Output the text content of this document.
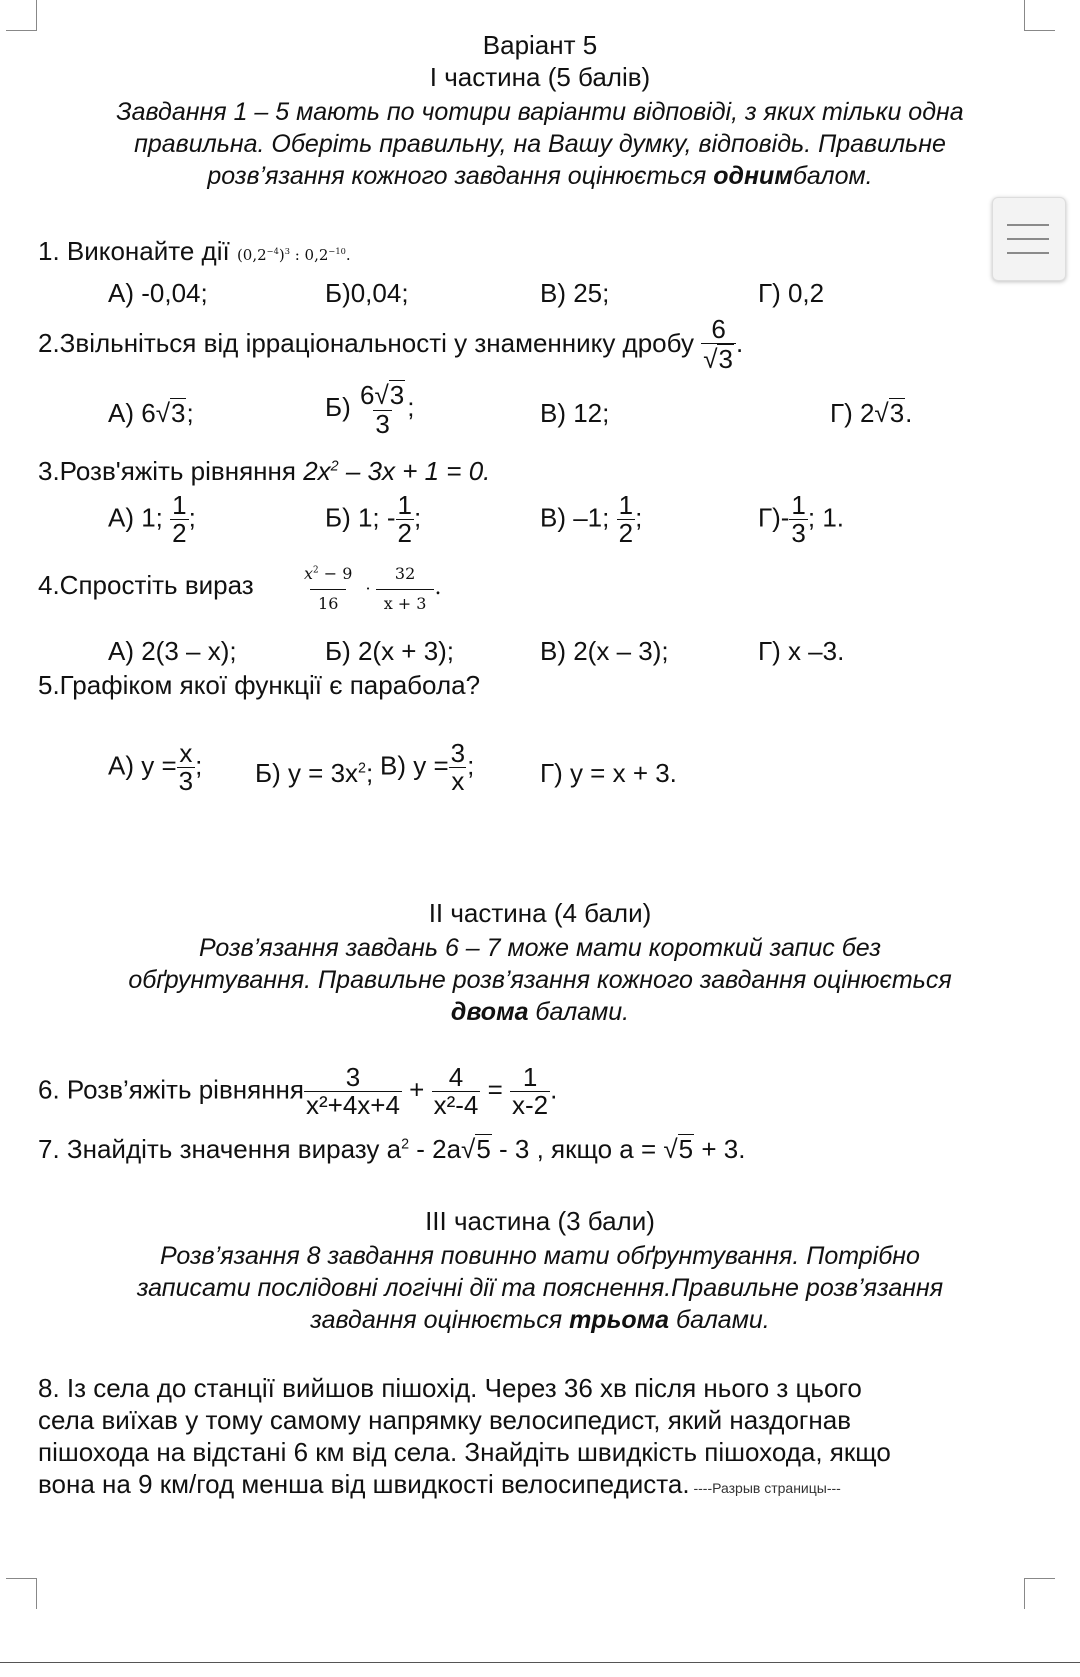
Варіант 5
І частина (5 балів)
Завдання 1 – 5 мають по чотири варіанти відповіді, з яких тільки одна
правильна. Оберіть правильну, на Вашу думку, відповідь. Правильне
розв’язання кожного завдання оцінюється однимбалом.
1. Виконайте дії $(0,2^{-4})^3$ : $0,2^{-10}$.
А) -0,04;	Б)0,04;	В) 25;	Г) 0,2
2.Звільніться від ірраціональності у знаменнику дробу $\frac{6}{√3}$ .
А) 6√3;	$Б) \frac{6√3}{3}$ ;	В) 12;	Г) 2√3.
3.Розв'яжіть рівняння $2x^2 - 3x + 1 = 0$.
А) 1; $\frac{1}{2}$ ;	Б) 1; - $\frac{1}{2}$ ;	В) –1; $\frac{1}{2}$ ;	$Г)- \frac{1}{3}$ ; 1.
4.Спростіть вираз	$\frac{x^2 - 9}{16} \cdot \frac{32}{x + 3}$ .
А) 2(3 – x);	Б) 2(x + 3);	В) 2(x – 3);	Г) x –3.
5.Графіком якої функції є парабола?
А) $y = \frac{x}{3}$ ; Б) $y = 3x^2$; В) $y = \frac{3}{x}$ ;	Г) y = x + 3.
ІІ частина (4 бали)
Розв’язання завдань 6 – 7 може мати короткий запис без
обґрунтування. Правильне розв’язання кожного завдання оцінюється
двома балами.
6. Розв’яжіть рівняння $\frac{3}{\text{x²+4x+4}} + \frac{4}{\text{x²-4}} = \frac{1}{x-2}$ .
7. Знайдіть значення виразу $a^2 - 2a√5 - 3$ , якщо a = √5 + 3.
ІІІ частина (3 бали)
Розв’язання 8 завдання повинно мати обґрунтування. Потрібно
записати послідовні логічні дії та пояснення.Правильне розв’язання
завдання оцінюється трьома балами.
8. Із села до станції вийшов пішохід. Через 36 хв після нього з цього
села виїхав у тому самому напрямку велосипедист, який наздогнав
пішохода на відстані 6 км від села. Знайдіть швидкість пішохода, якщо
вона на 9 км/год менша від швидкості велосипедиста. ----Разрыв страницы---
